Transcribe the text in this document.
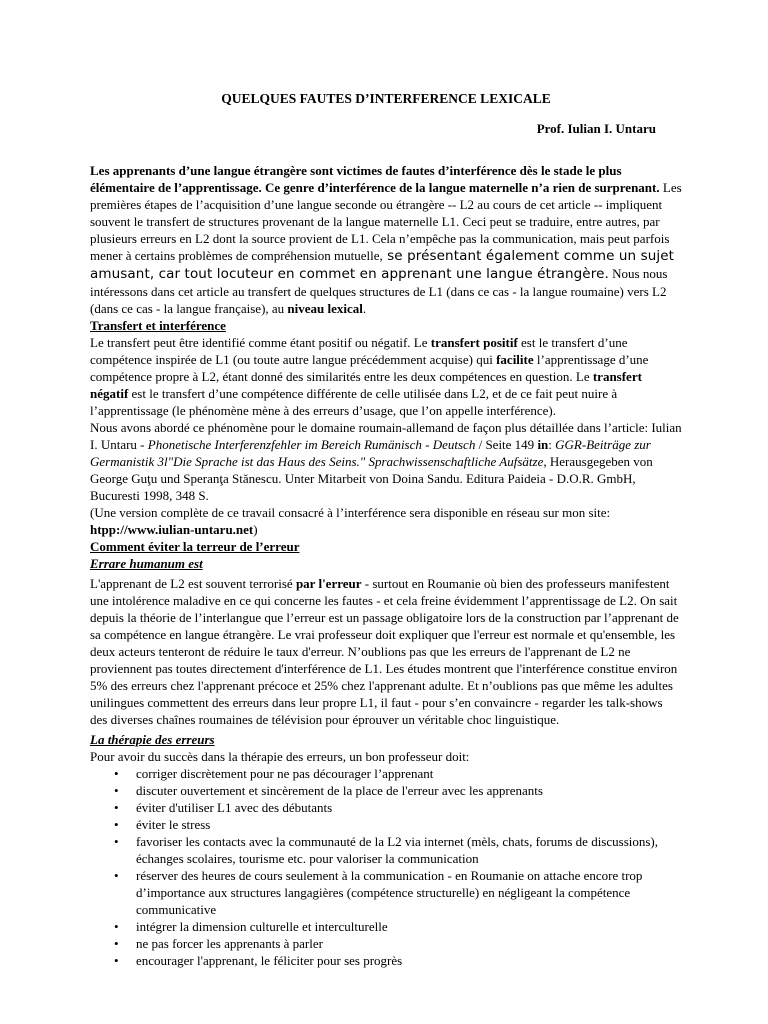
QUELQUES FAUTES D’INTERFERENCE LEXICALE

Prof. Iulian I. Untaru

Les apprenants d’une langue étrangère sont victimes de fautes d’interférence dès le stade le plus élémentaire de l’apprentissage. Ce genre d’interférence de la langue maternelle n’a rien de surprenant. Les premières étapes de l’acquisition d’une langue seconde ou étrangère -- L2 au cours de cet article -- impliquent souvent le transfert de structures provenant de la langue maternelle L1. Ceci peut se traduire, entre autres, par plusieurs erreurs en L2 dont la source provient de L1. Cela n’empêche pas la communication, mais peut parfois mener à certains problèmes de compréhension mutuelle, se présentant également comme un sujet amusant, car tout locuteur en commet en apprenant une langue étrangère. Nous nous intéressons dans cet article au transfert de quelques structures de L1 (dans ce cas - la langue roumaine) vers L2 (dans ce cas - la langue française), au niveau lexical.

Transfert et interférence

Le transfert peut être identifié comme étant positif ou négatif. Le transfert positif est le transfert d’une compétence inspirée de L1 (ou toute autre langue précédemment acquise) qui facilite l’apprentissage d’une compétence propre à L2, étant donné des similarités entre les deux compétences en question. Le transfert négatif est le transfert d’une compétence différente de celle utilisée dans L2, et de ce fait peut nuire à l’apprentissage (le phénomène mène à des erreurs d’usage, que l’on appelle interférence).

Nous avons abordé ce phénomène pour le domaine roumain-allemand de façon plus détaillée dans l’article: Iulian I. Untaru - Phonetische Interferenzfehler im Bereich Rumänisch - Deutsch / Seite 149 in: GGR-Beiträge zur Germanistik 3l"Die Sprache ist das Haus des Seins." Sprachwissenschaftliche Aufsätze, Herausgegeben von George Guţu und Speranţa Stănescu. Unter Mitarbeit von Doina Sandu. Editura Paideia - D.O.R. GmbH, Bucuresti 1998, 348 S.

(Une version complète de ce travail consacré à l’interférence sera disponible en réseau sur mon site: htpp://www.iulian-untaru.net)

Comment éviter la terreur de l’erreur

Errare humanum est

L'apprenant de L2 est souvent terrorisé par l'erreur - surtout en Roumanie où bien des professeurs manifestent une intolérence maladive en ce qui concerne les fautes - et cela freine évidemment l’apprentissage de L2. On sait depuis la théorie de l’interlangue que l’erreur est un passage obligatoire lors de la construction par l’apprenant de sa compétence en langue étrangère. Le vrai professeur doit expliquer que l'erreur est normale et qu'ensemble, les deux acteurs tenteront de réduire le taux d'erreur. N’oublions pas que les erreurs de l'apprenant de L2 ne proviennent pas toutes directement d'interférence de L1. Les études montrent que l'interférence constitue environ 5% des erreurs chez l'apprenant précoce et 25% chez l'apprenant adulte. Et n’oublions pas que même les adultes unilingues commettent des erreurs dans leur propre L1, il faut - pour s’en convaincre - regarder les talk-shows des diverses chaînes roumaines de télévision pour éprouver un véritable choc linguistique.

La thérapie des erreurs

Pour avoir du succès dans la thérapie des erreurs, un bon professeur doit:

• corriger discrètement pour ne pas décourager l’apprenant
• discuter ouvertement et sincèrement de la place de l'erreur avec les apprenants
• éviter d'utiliser L1 avec des débutants
• éviter le stress
• favoriser les contacts avec la communauté de la L2 via internet (mèls, chats, forums de discussions), échanges scolaires, tourisme etc. pour valoriser la communication
• réserver des heures de cours seulement à la communication - en Roumanie on attache encore trop d’importance aux structures langagières (compétence structurelle) en négligeant la compétence communicative
• intégrer la dimension culturelle et interculturelle
• ne pas forcer les apprenants à parler
• encourager l'apprenant, le féliciter pour ses progrès
